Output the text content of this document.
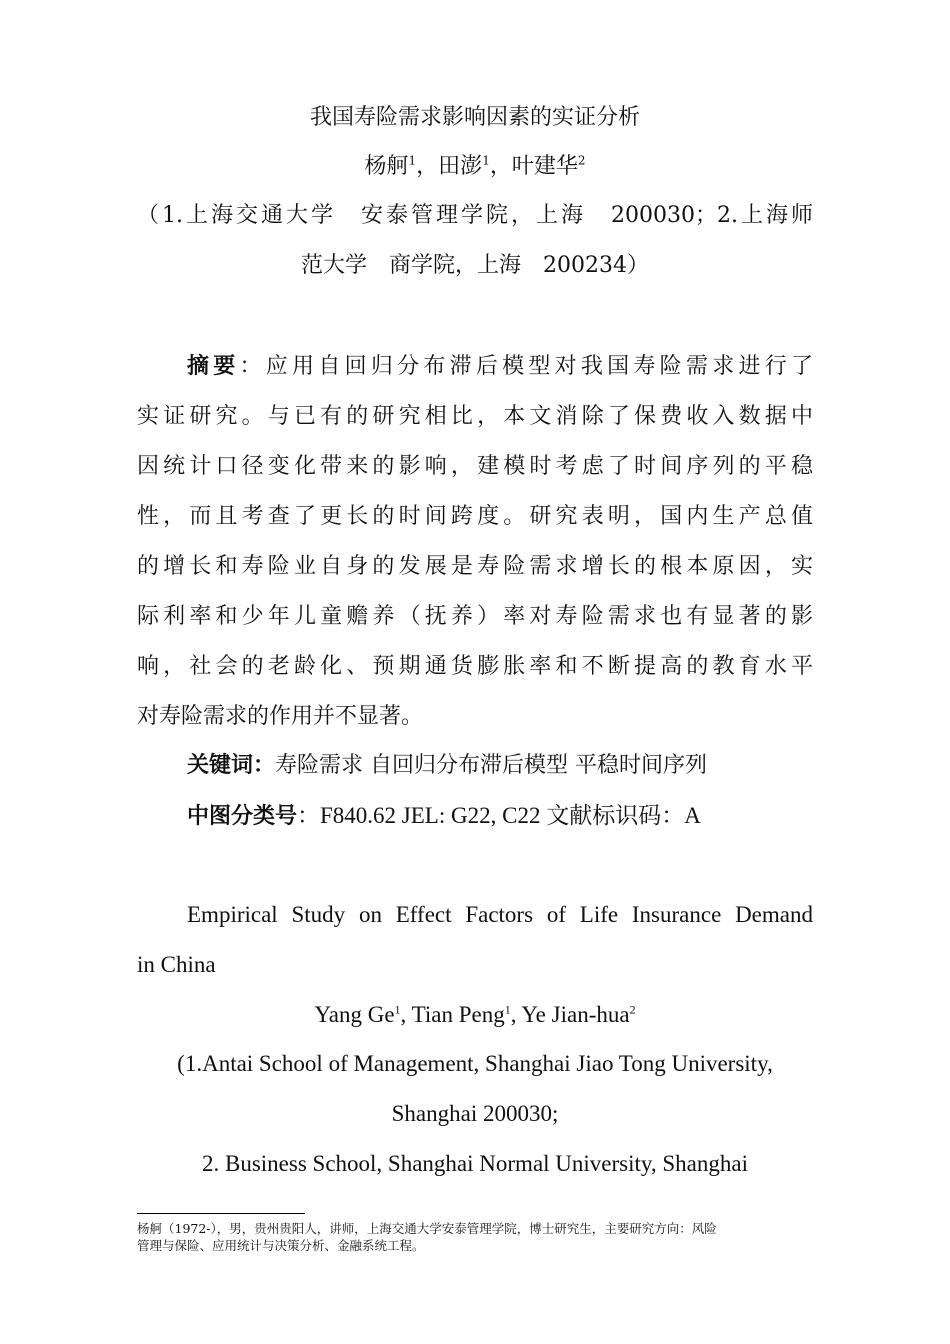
我国寿险需求影响因素的实证分析
杨舸$^1$，田澎$^1$，叶建华$^2$
（1.上海交通大学　安泰管理学院，上海　200030；2.上海师
范大学　商学院，上海　200234）
摘要：应用自回归分布滞后模型对我国寿险需求进行了
实证研究。与已有的研究相比，本文消除了保费收入数据中
因统计口径变化带来的影响，建模时考虑了时间序列的平稳
性，而且考查了更长的时间跨度。研究表明，国内生产总值
的增长和寿险业自身的发展是寿险需求增长的根本原因，实
际利率和少年儿童赡养（抚养）率对寿险需求也有显著的影
响，社会的老龄化、预期通货膨胀率和不断提高的教育水平
对寿险需求的作用并不显著。
关键词：寿险需求 自回归分布滞后模型 平稳时间序列
中图分类号：F840.62 JEL: G22, C22 文献标识码：A
Empirical Study on Effect Factors of Life Insurance Demand
in China
Yang Ge$^1$, Tian Peng$^1$, Ye Jian-hua$^2$
(1.Antai School of Management, Shanghai Jiao Tong University,
Shanghai 200030;
2. Business School, Shanghai Normal University, Shanghai
杨舸（1972-），男，贵州贵阳人，讲师，上海交通大学安泰管理学院，博士研究生，主要研究方向：风险
管理与保险、应用统计与决策分析、金融系统工程。
